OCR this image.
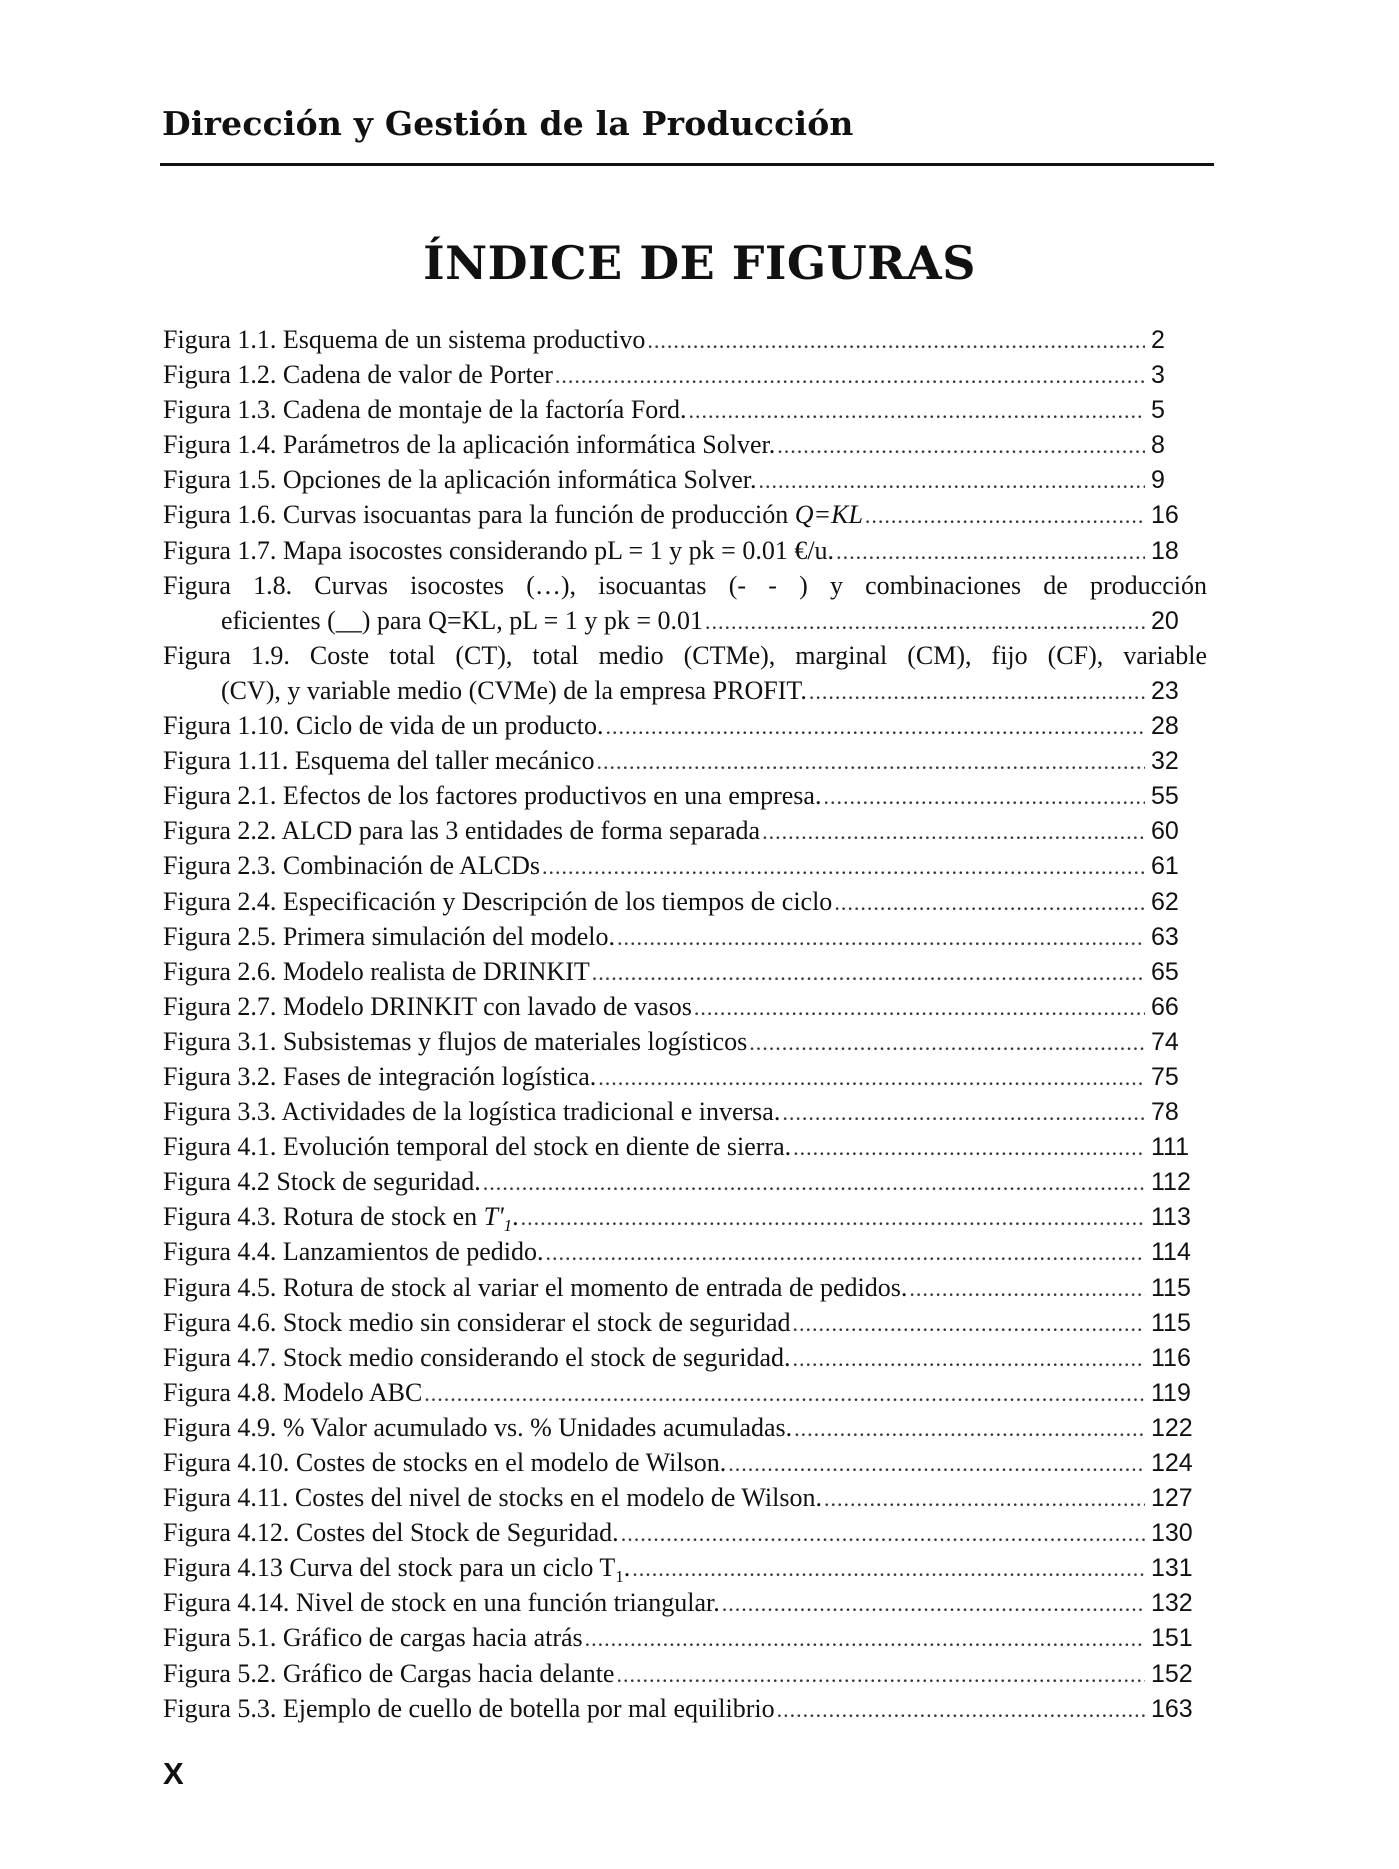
Dirección y Gestión de la Producción
ÍNDICE DE FIGURAS
Figura 1.1. Esquema de un sistema productivo .....	2
Figura 1.2. Cadena de valor de Porter .....	3
Figura 1.3. Cadena de montaje de la factoría Ford. .....	5
Figura 1.4. Parámetros de la aplicación informática Solver. .....	8
Figura 1.5. Opciones de la aplicación informática Solver. .....	9
Figura 1.6. Curvas isocuantas para la función de producción Q=KL .....	16
Figura 1.7. Mapa isocostes considerando pL = 1 y pk = 0.01 €/u. .....	18
Figura 1.8. Curvas isocostes (…), isocuantas (- - ) y combinaciones de producción
eficientes (__) para Q=KL, pL = 1 y pk = 0.01 .....	20
Figura 1.9. Coste total (CT), total medio (CTMe), marginal (CM), fijo (CF), variable
(CV), y variable medio (CVMe) de la empresa PROFIT. .....	23
Figura 1.10. Ciclo de vida de un producto. .....	28
Figura 1.11. Esquema del taller mecánico .....	32
Figura 2.1. Efectos de los factores productivos en una empresa. .....	55
Figura 2.2. ALCD para las 3 entidades de forma separada .....	60
Figura 2.3. Combinación de ALCDs .....	61
Figura 2.4. Especificación y Descripción de los tiempos de ciclo .....	62
Figura 2.5. Primera simulación del modelo. .....	63
Figura 2.6. Modelo realista de DRINKIT .....	65
Figura 2.7. Modelo DRINKIT con lavado de vasos .....	66
Figura 3.1. Subsistemas y flujos de materiales logísticos .....	74
Figura 3.2. Fases de integración logística. .....	75
Figura 3.3. Actividades de la logística tradicional e inversa. .....	78
Figura 4.1. Evolución temporal del stock en diente de sierra. .....	111
Figura 4.2 Stock de seguridad. .....	112
Figura 4.3. Rotura de stock en $T'_1$. .....	113
Figura 4.4. Lanzamientos de pedido. .....	114
Figura 4.5. Rotura de stock al variar el momento de entrada de pedidos. .....	115
Figura 4.6. Stock medio sin considerar el stock de seguridad .....	115
Figura 4.7. Stock medio considerando el stock de seguridad. .....	116
Figura 4.8. Modelo ABC .....	119
Figura 4.9. % Valor acumulado vs. % Unidades acumuladas. .....	122
Figura 4.10. Costes de stocks en el modelo de Wilson. .....	124
Figura 4.11. Costes del nivel de stocks en el modelo de Wilson. .....	127
Figura 4.12. Costes del Stock de Seguridad. .....	130
Figura 4.13 Curva del stock para un ciclo $T_1$. .....	131
Figura 4.14. Nivel de stock en una función triangular. .....	132
Figura 5.1. Gráfico de cargas hacia atrás .....	151
Figura 5.2. Gráfico de Cargas hacia delante .....	152
Figura 5.3. Ejemplo de cuello de botella por mal equilibrio .....	163
X
